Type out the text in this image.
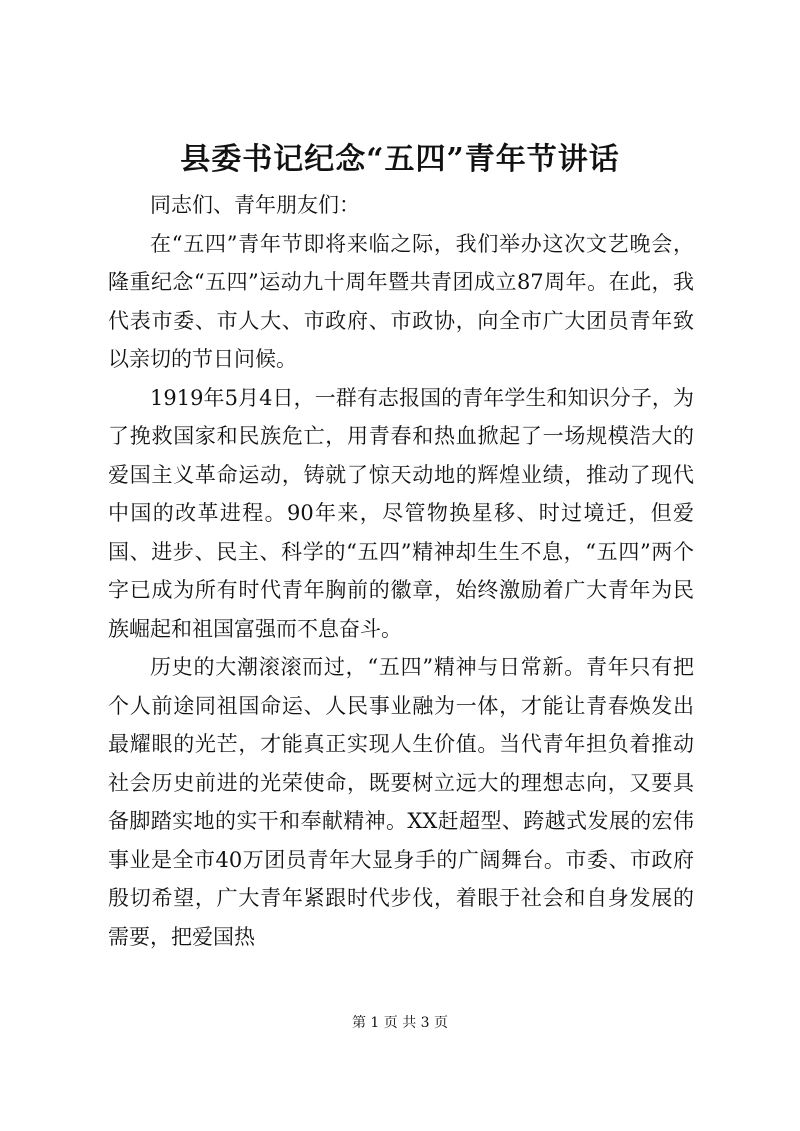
县委书记纪念“五四”青年节讲话

同志们、青年朋友们：

在“五四”青年节即将来临之际，我们举办这次文艺晚会，隆重纪念“五四”运动九十周年暨共青团成立87周年。在此，我代表市委、市人大、市政府、市政协，向全市广大团员青年致以亲切的节日问候。

1919年5月4日，一群有志报国的青年学生和知识分子，为了挽救国家和民族危亡，用青春和热血掀起了一场规模浩大的爱国主义革命运动，铸就了惊天动地的辉煌业绩，推动了现代中国的改革进程。90年来，尽管物换星移、时过境迁，但爱国、进步、民主、科学的“五四”精神却生生不息，“五四”两个字已成为所有时代青年胸前的徽章，始终激励着广大青年为民族崛起和祖国富强而不息奋斗。

历史的大潮滚滚而过，“五四”精神与日常新。青年只有把个人前途同祖国命运、人民事业融为一体，才能让青春焕发出最耀眼的光芒，才能真正实现人生价值。当代青年担负着推动社会历史前进的光荣使命，既要树立远大的理想志向，又要具备脚踏实地的实干和奉献精神。XX赶超型、跨越式发展的宏伟事业是全市40万团员青年大显身手的广阔舞台。市委、市政府殷切希望，广大青年紧跟时代步伐，着眼于社会和自身发展的需要，把爱国热

第 1 页 共 3 页
